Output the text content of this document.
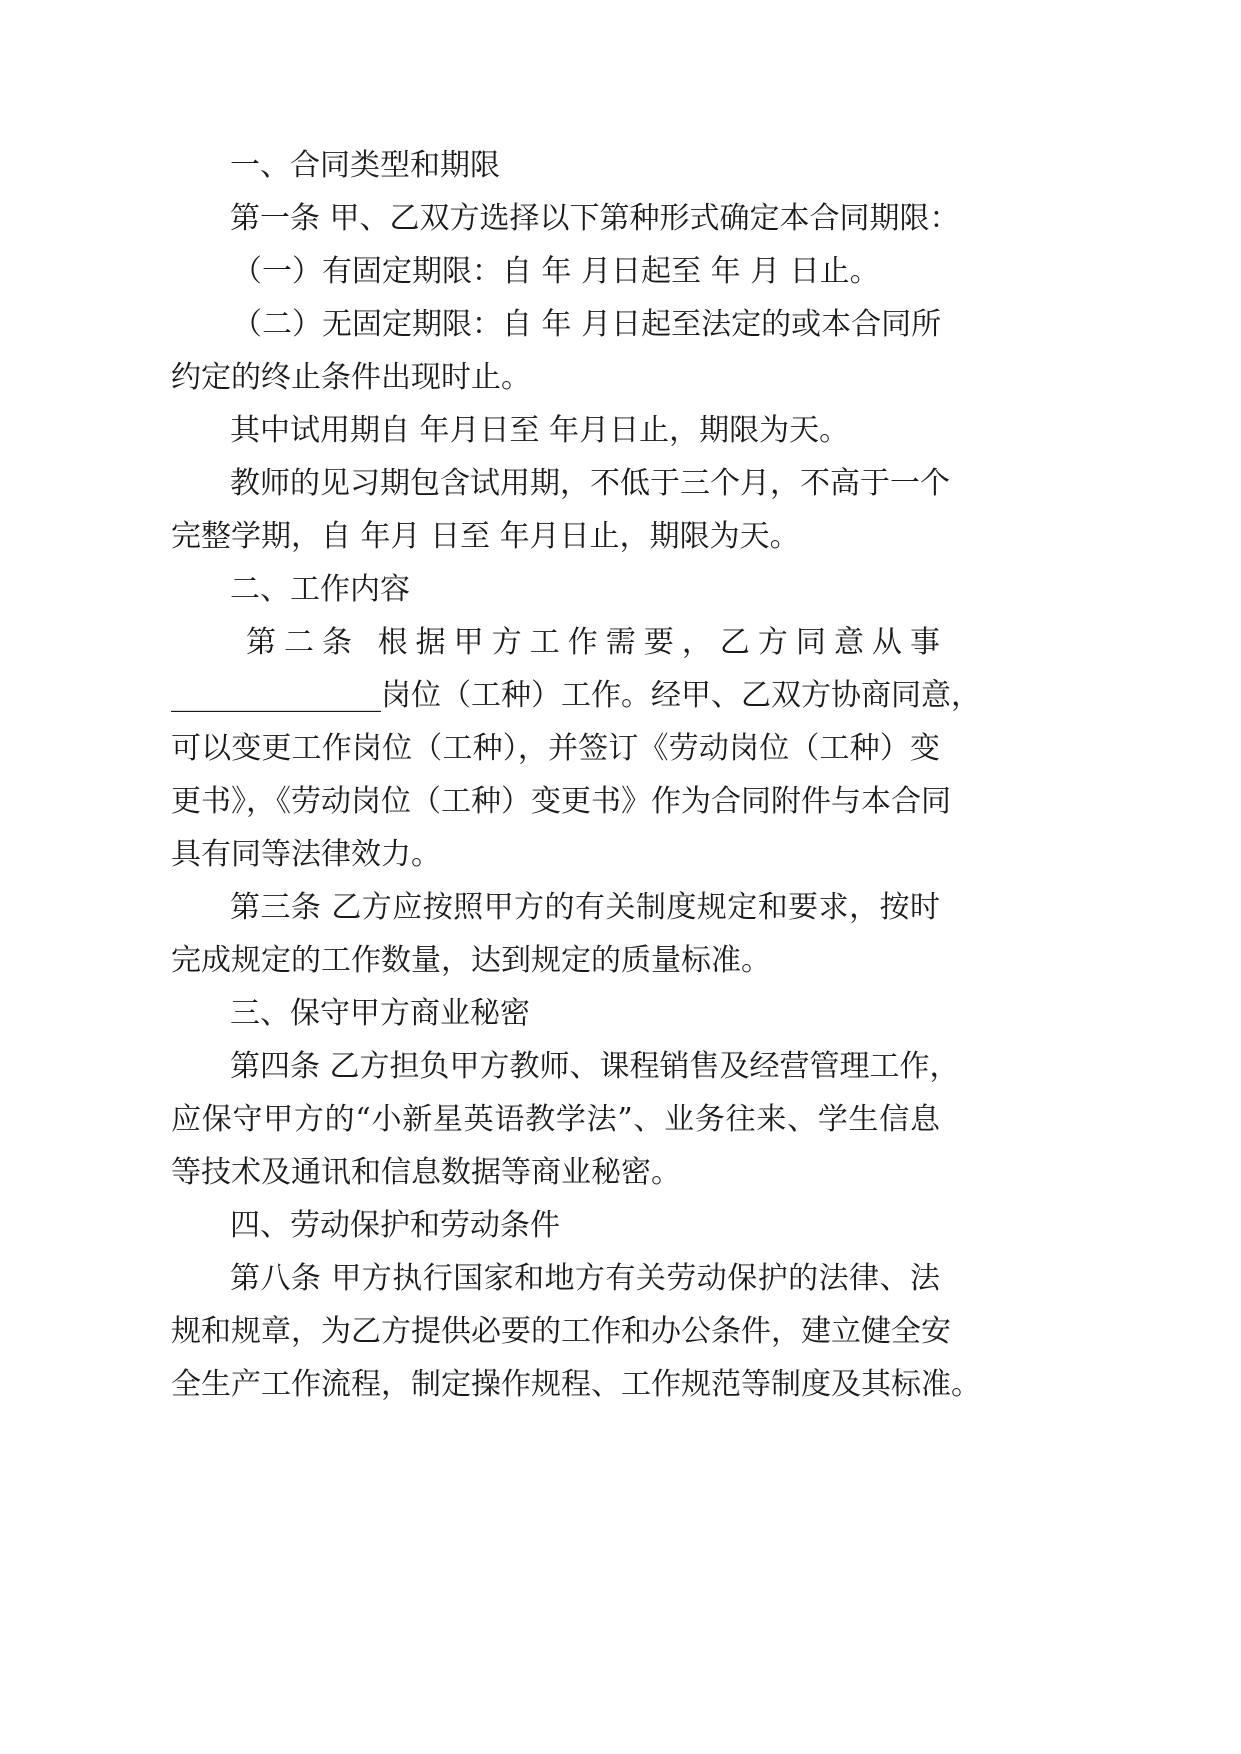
一、合同类型和期限
第一条 甲、乙双方选择以下第种形式确定本合同期限：
（一）有固定期限：自 年 月日起至 年 月 日止。
（二）无固定期限：自 年 月日起至法定的或本合同所
约定的终止条件出现时止。
其中试用期自 年月日至 年月日止，期限为天。
教师的见习期包含试用期，不低于三个月，不高于一个
完整学期，自 年月 日至 年月日止，期限为天。
二、工作内容
第二条 根据甲方工作需要，乙方同意从事
______________岗位（工种）工作。经甲、乙双方协商同意，
可以变更工作岗位（工种），并签订《劳动岗位（工种）变
更书》，《劳动岗位（工种）变更书》作为合同附件与本合同
具有同等法律效力。
第三条 乙方应按照甲方的有关制度规定和要求，按时
完成规定的工作数量，达到规定的质量标准。
三、保守甲方商业秘密
第四条 乙方担负甲方教师、课程销售及经营管理工作，
应保守甲方的“小新星英语教学法”、业务往来、学生信息
等技术及通讯和信息数据等商业秘密。
四、劳动保护和劳动条件
第八条 甲方执行国家和地方有关劳动保护的法律、法
规和规章，为乙方提供必要的工作和办公条件，建立健全安
全生产工作流程，制定操作规程、工作规范等制度及其标准。
